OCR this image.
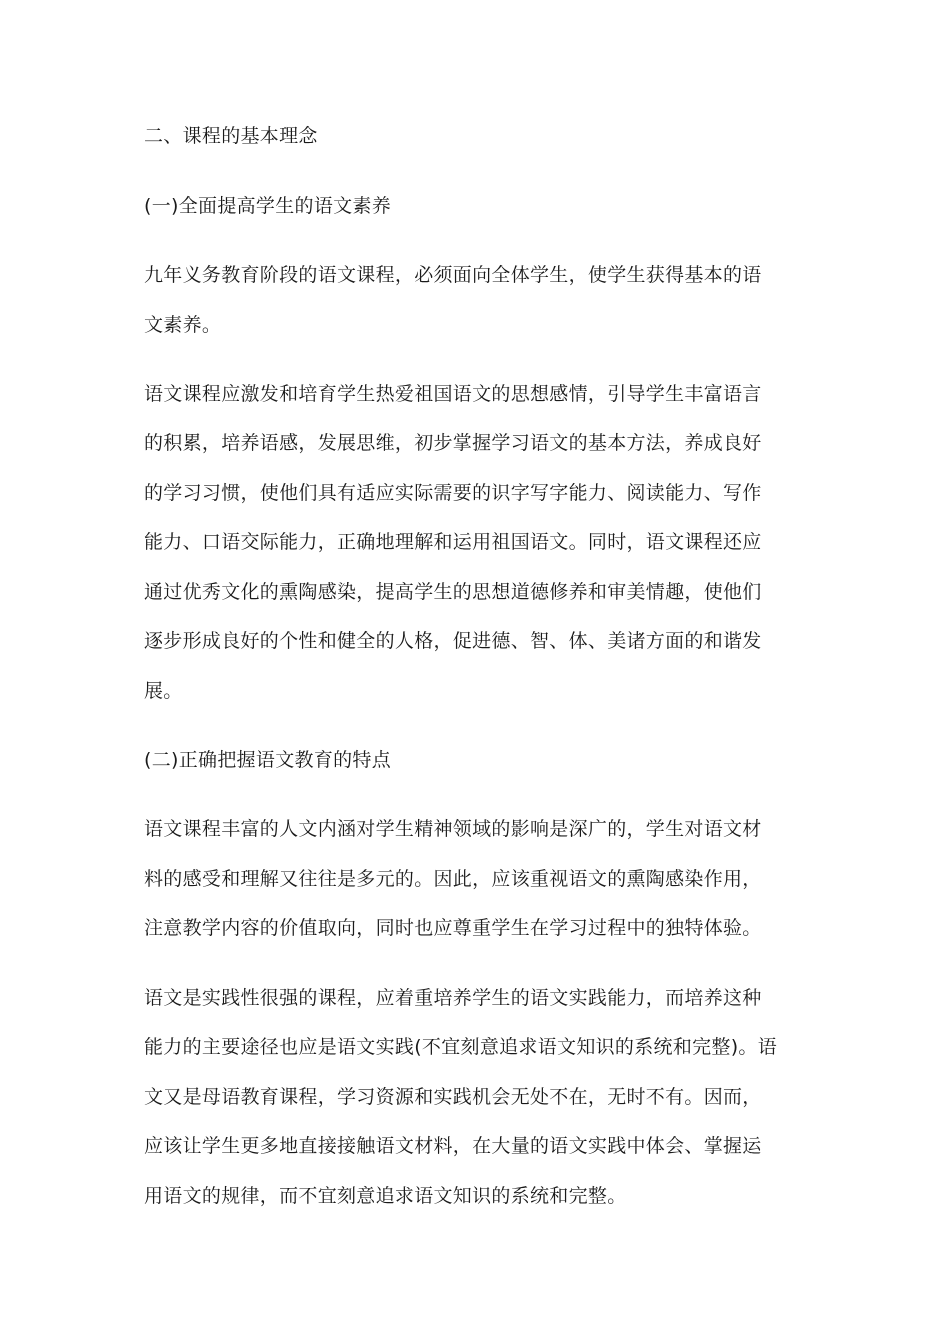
二、课程的基本理念
(一)全面提高学生的语文素养
九年义务教育阶段的语文课程，必须面向全体学生，使学生获得基本的语
文素养。
语文课程应激发和培育学生热爱祖国语文的思想感情，引导学生丰富语言
的积累，培养语感，发展思维，初步掌握学习语文的基本方法，养成良好
的学习习惯，使他们具有适应实际需要的识字写字能力、阅读能力、写作
能力、口语交际能力，正确地理解和运用祖国语文。同时，语文课程还应
通过优秀文化的熏陶感染，提高学生的思想道德修养和审美情趣，使他们
逐步形成良好的个性和健全的人格，促进德、智、体、美诸方面的和谐发
展。
(二)正确把握语文教育的特点
语文课程丰富的人文内涵对学生精神领域的影响是深广的，学生对语文材
料的感受和理解又往往是多元的。因此，应该重视语文的熏陶感染作用，
注意教学内容的价值取向，同时也应尊重学生在学习过程中的独特体验。
语文是实践性很强的课程，应着重培养学生的语文实践能力，而培养这种
能力的主要途径也应是语文实践(不宜刻意追求语文知识的系统和完整)。语
文又是母语教育课程，学习资源和实践机会无处不在，无时不有。因而，
应该让学生更多地直接接触语文材料，在大量的语文实践中体会、掌握运
用语文的规律，而不宜刻意追求语文知识的系统和完整。
